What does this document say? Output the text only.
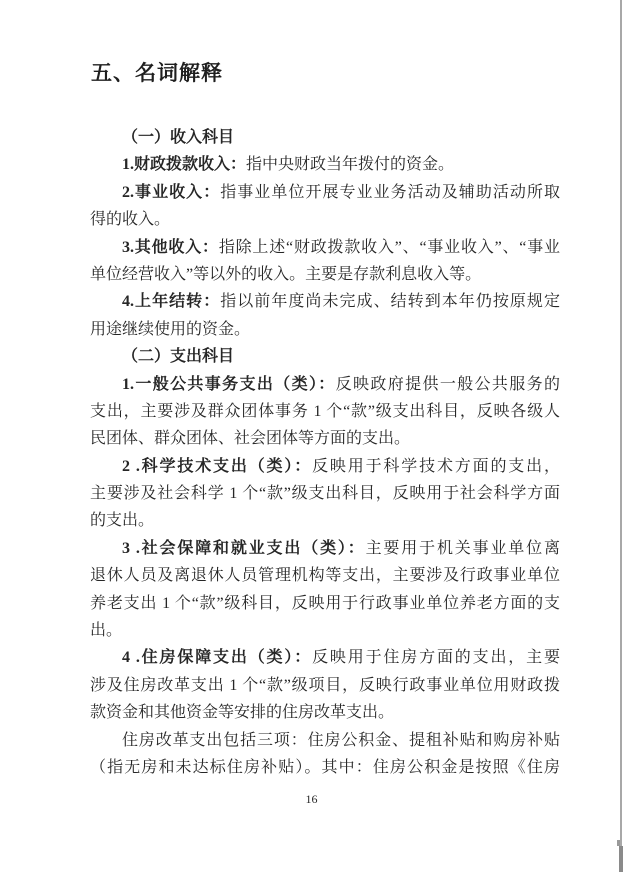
五、名词解释
（一）收入科目
1.财政拨款收入：指中央财政当年拨付的资金。
2.事业收入：指事业单位开展专业业务活动及辅助活动所取
得的收入。
3.其他收入：指除上述“财政拨款收入”、“事业收入”、“事业
单位经营收入”等以外的收入。主要是存款利息收入等。
4.上年结转：指以前年度尚未完成、结转到本年仍按原规定
用途继续使用的资金。
（二）支出科目
1.一般公共事务支出（类）：反映政府提供一般公共服务的
支出，主要涉及群众团体事务 1 个“款”级支出科目，反映各级人
民团体、群众团体、社会团体等方面的支出。
2 .科学技术支出（类）：反映用于科学技术方面的支出，
主要涉及社会科学 1 个“款”级支出科目，反映用于社会科学方面
的支出。
3 .社会保障和就业支出（类）：主要用于机关事业单位离
退休人员及离退休人员管理机构等支出，主要涉及行政事业单位
养老支出 1 个“款”级科目，反映用于行政事业单位养老方面的支
出。
4 .住房保障支出（类）：反映用于住房方面的支出，主要
涉及住房改革支出 1 个“款”级项目，反映行政事业单位用财政拨
款资金和其他资金等安排的住房改革支出。
住房改革支出包括三项：住房公积金、提租补贴和购房补贴
（指无房和未达标住房补贴）。其中：住房公积金是按照《住房
16
